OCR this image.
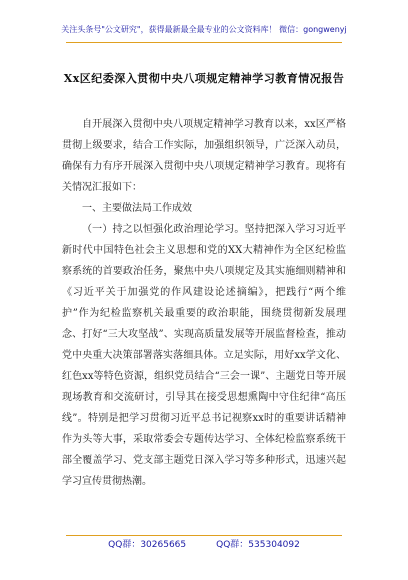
关注头条号"公文研究"，获得最新最全最专业的公文资料库！ 微信：gongwenyj
Xx区纪委深入贯彻中央八项规定精神学习教育情况报告

自开展深入贯彻中央八项规定精神学习教育以来，xx区严格贯彻上级要求，结合工作实际，加强组织领导，广泛深入动员，确保有力有序开展深入贯彻中央八项规定精神学习教育。现将有关情况汇报如下：

一、主要做法局工作成效

（一）持之以恒强化政治理论学习。坚持把深入学习习近平新时代中国特色社会主义思想和党的XX大精神作为全区纪检监察系统的首要政治任务，聚焦中央八项规定及其实施细则精神和《习近平关于加强党的作风建设论述摘编》，把践行“两个维护”作为纪检监察机关最重要的政治职能，围绕贯彻新发展理念、打好“三大攻坚战”、实现高质量发展等开展监督检查，推动党中央重大决策部署落实落细具体。立足实际，用好xx学文化、红色xx等特色资源，组织党员结合“三会一课”、主题党日等开展现场教育和交流研讨，引导其在接受思想熏陶中守住纪律“高压线”。特别是把学习贯彻习近平总书记视察xx时的重要讲话精神作为头等大事，采取常委会专题传达学习、全体纪检监察系统干部全覆盖学习、党支部主题党日深入学习等多种形式，迅速兴起学习宣传贯彻热潮。

QQ群：30265665	QQ群：535304092
